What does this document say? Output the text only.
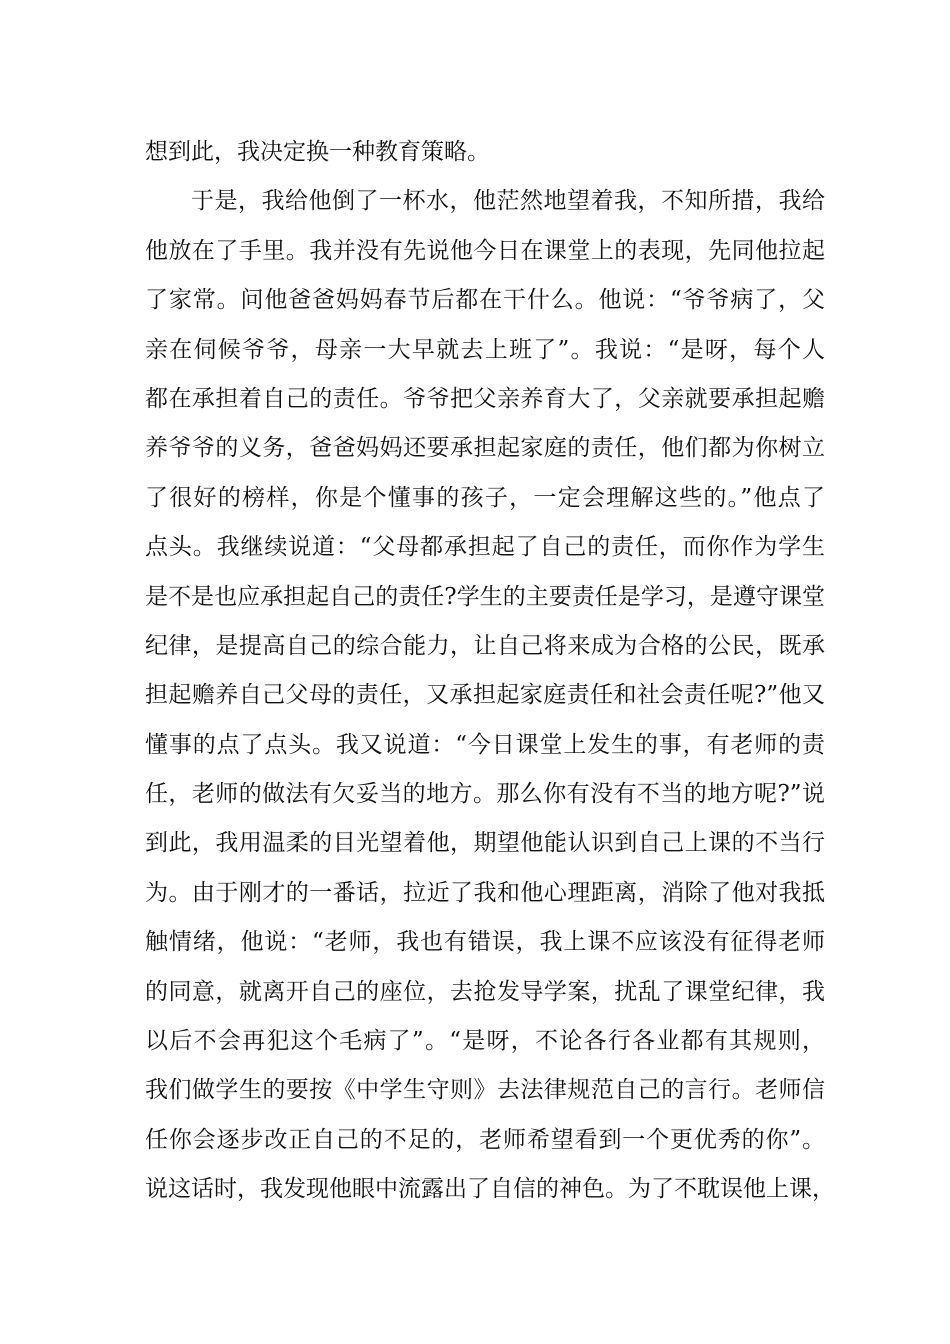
想到此，我决定换一种教育策略。
于是，我给他倒了一杯水，他茫然地望着我，不知所措，我给
他放在了手里。我并没有先说他今日在课堂上的表现，先同他拉起
了家常。问他爸爸妈妈春节后都在干什么。他说：“爷爷病了，父
亲在伺候爷爷，母亲一大早就去上班了”。我说：“是呀，每个人
都在承担着自己的责任。爷爷把父亲养育大了，父亲就要承担起赡
养爷爷的义务，爸爸妈妈还要承担起家庭的责任，他们都为你树立
了很好的榜样，你是个懂事的孩子，一定会理解这些的。”他点了
点头。我继续说道：“父母都承担起了自己的责任，而你作为学生
是不是也应承担起自己的责任?学生的主要责任是学习，是遵守课堂
纪律，是提高自己的综合能力，让自己将来成为合格的公民，既承
担起赡养自己父母的责任，又承担起家庭责任和社会责任呢?”他又
懂事的点了点头。我又说道：“今日课堂上发生的事，有老师的责
任，老师的做法有欠妥当的地方。那么你有没有不当的地方呢?”说
到此，我用温柔的目光望着他，期望他能认识到自己上课的不当行
为。由于刚才的一番话，拉近了我和他心理距离，消除了他对我抵
触情绪，他说：“老师，我也有错误，我上课不应该没有征得老师
的同意，就离开自己的座位，去抢发导学案，扰乱了课堂纪律，我
以后不会再犯这个毛病了”。“是呀，不论各行各业都有其规则，
我们做学生的要按《中学生守则》去法律规范自己的言行。老师信
任你会逐步改正自己的不足的，老师希望看到一个更优秀的你”。
说这话时，我发现他眼中流露出了自信的神色。为了不耽误他上课，
